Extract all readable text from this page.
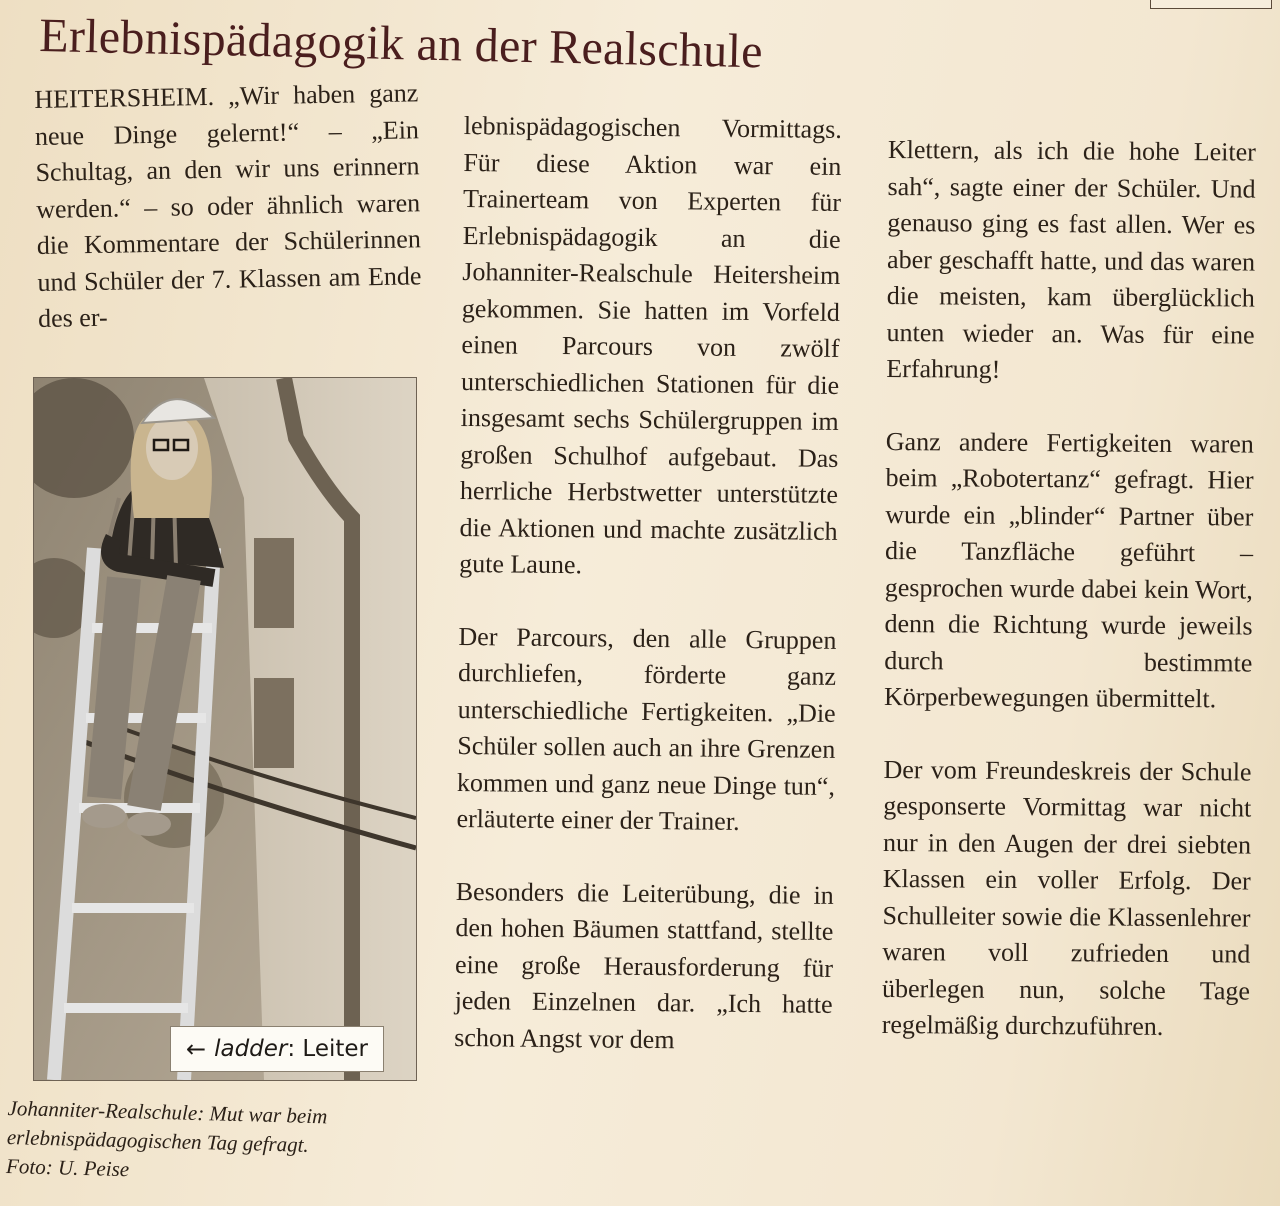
Erlebnispädagogik an der Realschule

HEITERSHEIM. „Wir haben ganz neue Dinge gelernt!“ – „Ein Schultag, an den wir uns erinnern werden.“ – so oder ähnlich waren die Kommentare der Schülerinnen und Schüler der 7. Klassen am Ende des er-

← ladder: Leiter
Johanniter-Realschule: Mut war beim erlebnispädagogischen Tag gefragt.
Foto: U. Peise

lebnispädagogischen Vormittags. Für diese Aktion war ein Trainerteam von Experten für Erlebnispädagogik an die Johanniter-Realschule Heitersheim gekommen. Sie hatten im Vorfeld einen Parcours von zwölf unterschiedlichen Stationen für die insgesamt sechs Schülergruppen im großen Schulhof aufgebaut. Das herrliche Herbstwetter unterstützte die Aktionen und machte zusätzlich gute Laune.

Der Parcours, den alle Gruppen durchliefen, förderte ganz unterschiedliche Fertigkeiten. „Die Schüler sollen auch an ihre Grenzen kommen und ganz neue Dinge tun“, erläuterte einer der Trainer.

Besonders die Leiterübung, die in den hohen Bäumen stattfand, stellte eine große Herausforderung für jeden Einzelnen dar. „Ich hatte schon Angst vor dem

Klettern, als ich die hohe Leiter sah“, sagte einer der Schüler. Und genauso ging es fast allen. Wer es aber geschafft hatte, und das waren die meisten, kam überglücklich unten wieder an. Was für eine Erfahrung!

Ganz andere Fertigkeiten waren beim „Robotertanz“ gefragt. Hier wurde ein „blinder“ Partner über die Tanzfläche geführt – gesprochen wurde dabei kein Wort, denn die Richtung wurde jeweils durch bestimmte Körperbewegungen übermittelt.

Der vom Freundeskreis der Schule gesponserte Vormittag war nicht nur in den Augen der drei siebten Klassen ein voller Erfolg. Der Schulleiter sowie die Klassenlehrer waren voll zufrieden und überlegen nun, solche Tage regelmäßig durchzuführen.
